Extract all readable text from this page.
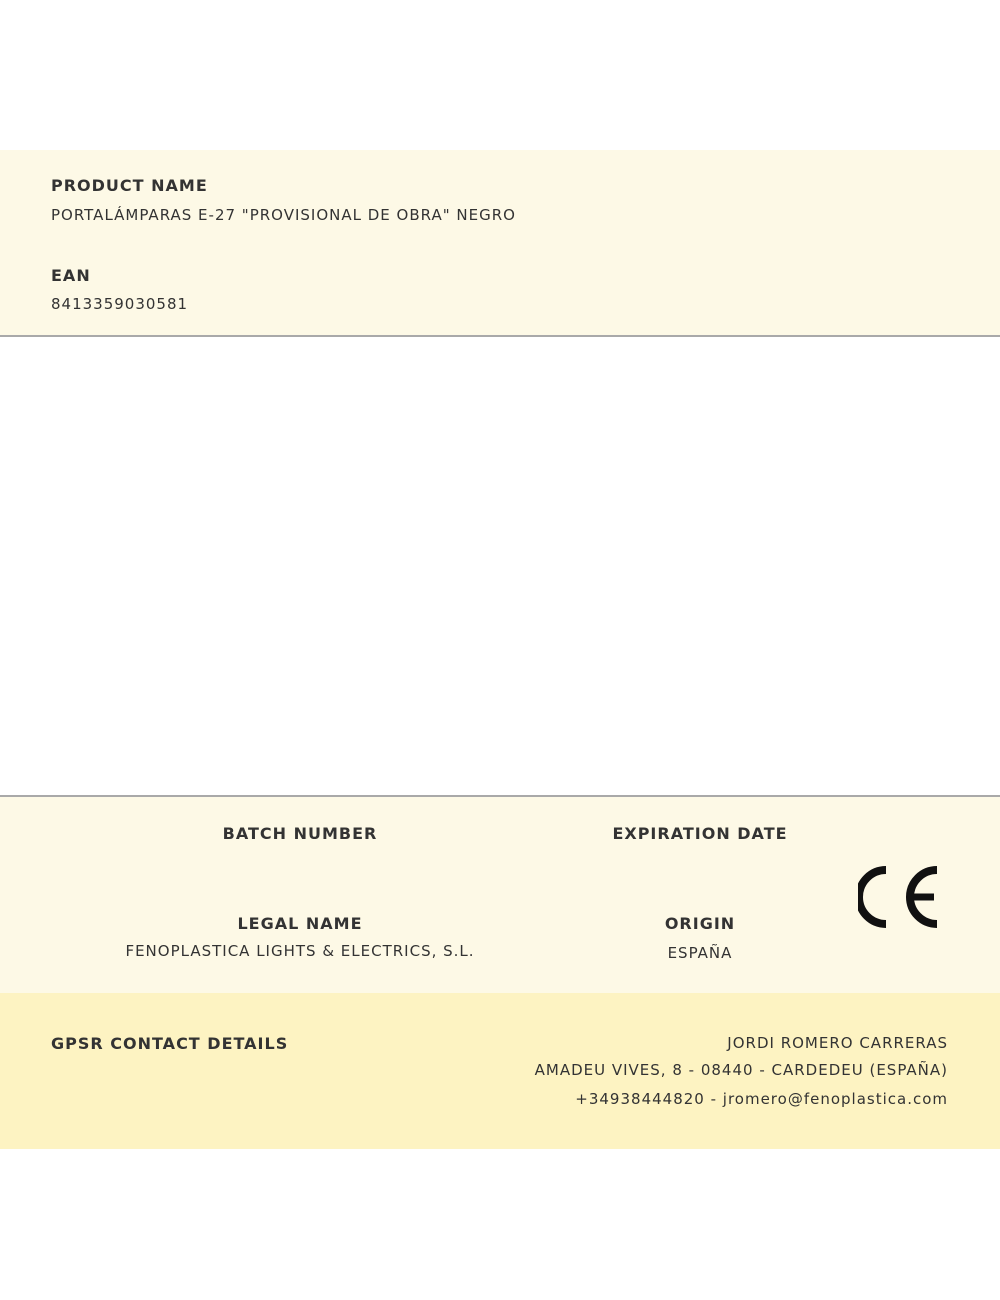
PRODUCT NAME
PORTALÁMPARAS E-27 "PROVISIONAL DE OBRA" NEGRO
EAN
8413359030581
BATCH NUMBER	EXPIRATION DATE
LEGAL NAME
FENOPLASTICA LIGHTS & ELECTRICS, S.L.
ORIGIN
ESPAÑA
GPSR CONTACT DETAILS	JORDI ROMERO CARRERAS
AMADEU VIVES, 8 - 08440 - CARDEDEU (ESPAÑA)
+34938444820 - jromero@fenoplastica.com
